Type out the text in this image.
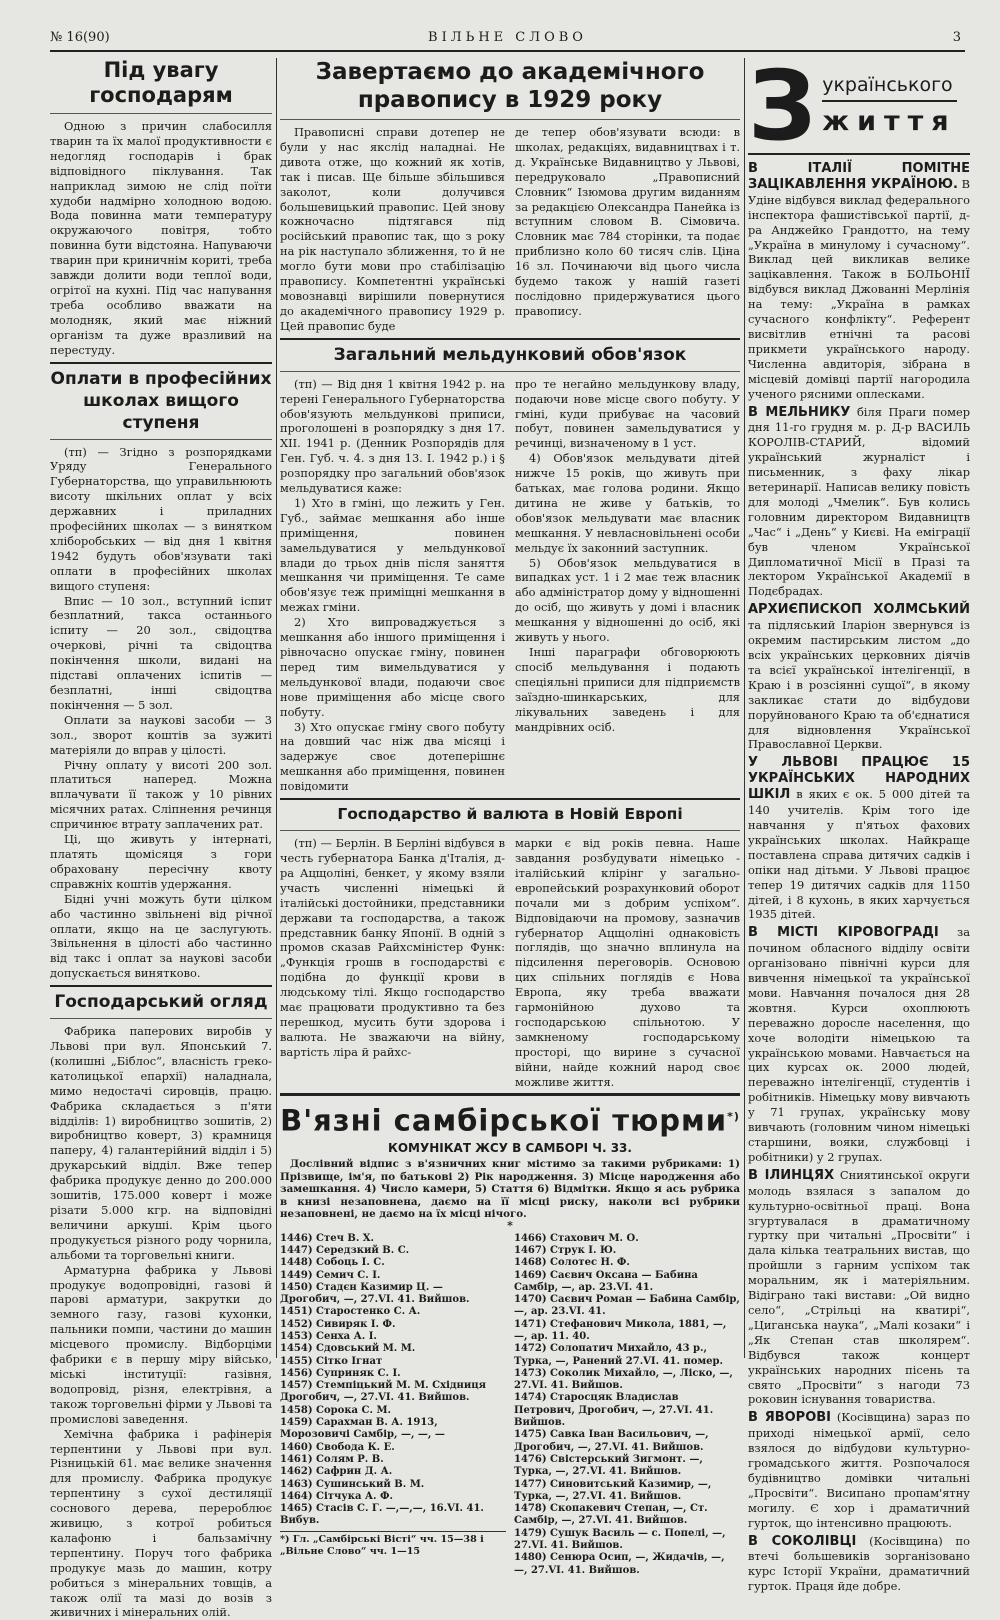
№ 16(90)	ВІЛЬНЕ СЛОВО	3
Під увагу господарям

Одною з причин слабосилля тварин та їх малої продуктивности є недогляд господарів і брак відповідного піклування. Так наприклад зимою не слід поїти худоби надмірно холодною водою. Вода повинна мати температуру окружаючого повітря, тобто повинна бути відстояна. Напуваючи тварин при криничнім кориті, треба завжди долити води теплої води, огрітої на кухні. Під час напування треба особливо вважати на молодняк, який має ніжний організм та дуже вразливий на перестуду.

Оплати в професійних школах вищого ступеня

(тп) — Згідно з розпорядками Уряду Генерального Губернаторства, що управильнюють висоту шкільних оплат у всіх державних і приладних професійних школах — з винятком хліборобських — від дня 1 квітня 1942 будуть обов'язувати такі оплати в професійних школах вищого ступеня:

Впис — 10 зол., вступний іспит безплатний, такса останнього іспиту — 20 зол., свідоцтва очеркові, річні та свідоцтва покінчення школи, видані на підставі оплачених іспитів — безплатні, інші свідоцтва покінчення — 5 зол.

Оплати за наукові засоби — 3 зол., зворот коштів за зужиті матеріяли до вправ у цілості.

Річну оплату у висоті 200 зол. платиться наперед. Можна вплачувати її також у 10 рівних місячних ратах. Сліпнення речинця спричинює втрату заплачених рат.

Ці, що живуть у інтернаті, платять щомісяця з гори обраховану пересічну квоту справжніх коштів удержання.

Бідні учні можуть бути цілком або частинно звільнені від річної оплати, якщо на це заслугують. Звільнення в цілості або частинно від такс і оплат за наукові засоби допускається винятково.

Господарський огляд

Фабрика паперових виробів у Львові при вул. Японський 7. (колишні „Біблос“, власність греко-католицької епархії) наладнала, мимо недостачі сировців, працю. Фабрика складається з п'яти відділів: 1) виробництво зошитів, 2) виробництво коверт, 3) крамниця паперу, 4) галантерійний відділ і 5) друкарський відділ. Вже тепер фабрика продукує денно до 200.000 зошитів, 175.000 коверт і може різати 5.000 кгр. на відповідні величини аркуші. Крім цього продукується різного роду чорнила, альбоми та торговельні книги.

Арматурна фабрика у Львові продукує водопровідні, газові й парові арматури, закрутки до земного газу, газові кухонки, пальники помпи, частини до машин місцевого промислу. Відборціми фабрики є в першу міру військо, міські інституції: газівня, водопровід, різня, електрівня, а також торговельні фірми у Львові та промислові заведення.

Хемічна фабрика і рафінерія терпентини у Львові при вул. Різницькій 61. має велике значення для промислу. Фабрика продукує терпентину з сухої дестиляції соснового дерева, перероблює живицю, з котрої робиться калафоню і бальзамічну терпентину. Поруч того фабрика продукує мазь до машин, котру робиться з мінеральних товщів, а також олії та мазі до возів з живичних і мінеральних олій.

Завертаємо до академічного правопису в 1929 року

Правописні справи дотепер не були у нас якслід наладнаі. Не дивота отже, що кожний як хотів, так і писав. Ще більше збільшився заколот, коли долучився большевицький правопис. Цей знову кожночасно підтягався під російський правопис так, що з року на рік наступало зближення, то й не могло бути мови про стабілізацію правопису. Компетентні українські мовознавці вирішили повернутися до академічного правопису 1929 р. Цей правопис буде

де тепер обов'язувати всюди: в школах, редакціях, видавництвах і т. д. Українське Видавництво у Львові, передруковало „Правописний Словник“ Ізюмова другим виданням за редакцією Олександра Панейка із вступним словом В. Сімовича. Словник має 784 сторінки, та подає приблизно коло 60 тисяч слів. Ціна 16 зл. Починаючи від цього числа будемо також у нашій газеті послідовно придержуватися цього правопису.

Загальний мельдунковий обов'язок

(тп) — Від дня 1 квітня 1942 р. на терені Генерального Губернаторства обов'язують мельдункові приписи, проголошені в розпорядку з дня 17. ХІІ. 1941 р. (Денник Розпорядів для Ген. Губ. ч. 4. з дня 13. І. 1942 р.) і § розпорядку про загальний обов'язок мельдуватися каже:

1) Хто в гміні, що лежить у Ген. Губ., займає мешкання або інше приміщення, повинен замельдуватися у мельдункової влади до трьох днів після заняття мешкання чи приміщення. Те саме обов'язує теж приміщні мешкання в межах гміни.

2) Хто випроваджується з мешкання або іншого приміщення і рівночасно опускає гміну, повинен перед тим вимельдуватися у мельдункової влади, подаючи своє нове приміщення або місце свого побуту.

3) Хто опускає гміну свого побуту на довший час ніж два місяці і задержує своє дотеперішнє мешкання або приміщення, повинен повідомити

про те негайно мельдункову владу, подаючи нове місце свого побуту. У гміні, куди прибуває на часовий побут, повинен замельдуватися у речинці, визначеному в 1 уст.

4) Обов'язок мельдувати дітей нижче 15 років, що живуть при батьках, має голова родини. Якщо дитина не живе у батьків, то обов'язок мельдувати має власник мешкання. У невласновільнені особи мельдує їх законний заступник.

5) Обов'язок мельдуватися в випадках уст. 1 і 2 має теж власник або адміністратор дому у відношенні до осіб, що живуть у домі і власник мешкання у відношенні до осіб, які живуть у нього.

Інші параграфи обговорюють спосіб мельдування і подають спеціяльні приписи для підприємств заїздно-шинкарських, для лікувальних заведень і для мандрівних осіб.

Господарство й валюта в Новій Европі

(тп) — Берлін. В Берліні відбувся в честь губернатора Банка д'Італія, д-ра Ацщоліні, бенкет, у якому взяли участь численні німецькі й італійські достойники, представники держави та господарства, а також представник банку Японії. В одній з промов сказав Райхсміністер Функ: „Функція грошв в господарстві є подібна до функції крови в людському тілі. Якщо господарство має працювати продуктивно та без перешкод, мусить бути здорова і валюта. Не зважаючи на війну, вартість ліра й райхс-

марки є від років певна. Наше завдання розбудувати німецько - італійський клірінг у загально-европейський розрахунковий оборот почали ми з добрим успіхом“. Відповідаючи на промову, зазначив губернатор Ацщоліні однаковість поглядів, що значно вплинула на підсилення переговорів. Основою цих спільних поглядів є Нова Европа, яку треба вважати гармонійною духово та господарською спільнотою. У замкненому господарському просторі, що вирине з сучасної війни, найде кожний народ своє можливе життя.

В'язні самбірської тюрми*)
КОМУНІКАТ ЖСУ В САМБОРІ Ч. 33.

Дослівний відпис з в'язничних книг містимо за такими рубриками: 1) Прізвище, ім'я, по батькові 2) Рік народження. 3) Місце народження або замешкання. 4) Число камери, 5) Стаття 6) Відмітки. Якщо я ась рубрика в книзі незаповнена, даємо на її місці риску, наколи всі рубрики незаповнені, не даємо на їх місці нічого.

*
1446) Стеч В. Х.
1447) Середзкий В. С.
1448) Собоць І. С.
1449) Семич С. І.
1450) Стадєн Казимир Ц. — Дрогобич, —, 27.VI. 41. Вийшов.
1451) Старостенко С. А.
1452) Сивиряк І. Ф.
1453) Сенха А. І.
1454) Сдовський М. М.
1455) Сітко Ігнат
1456) Суприняк С. І.
1457) Стемпіцький М. М. Східниця Дрогобич, —, 27.VI. 41. Вийшов.
1458) Сорока С. М.
1459) Сарахман В. А. 1913, Морозовичі Самбір, —, —, —
1460) Свобода К. Е.
1461) Солям Р. В.
1462) Сафрин Д. А.
1463) Сушинський В. М.
1464) Сітчука А. Ф.
1465) Стасів С. Г. —,—,—, 16.VI. 41. Вибув.
*) Гл. „Самбірські Вісті“ чч. 15—38 і „Вільне Слово“ чч. 1—15
1466) Стахович М. О.
1467) Струк І. Ю.
1468) Солотес Н. Ф.
1469) Саєвич Оксана — Бабина Самбір, —, ар. 23.VI. 41.
1470) Саєвич Роман — Бабина Самбір, —, ар. 23.VI. 41.
1471) Стефанович Микола, 1881, —, —, ар. 11. 40.
1472) Солопатич Михайло, 43 р., Турка, —, Ранений 27.VI. 41. помер.
1473) Соколик Михайло, —, Ліско, —, 27.VI. 41. Вийшов.
1474) Старосцяк Владислав Петрович, Дрогобич, —, 27.VI. 41. Вийшов.
1475) Савка Іван Васильович, —, Дрогобич, —, 27.VI. 41. Вийшов.
1476) Свістерський Зигмонт. —, Турка, —, 27.VI. 41. Вийшов.
1477) Синовитський Казимир, —, Турка, —, 27.VI. 41. Вийшов.
1478) Скопакевич Степан, —, Ст. Самбір, —, 27.VI. 41. Вийшов.
1479) Сушук Василь — с. Попелі, —, 27.VI. 41. Вийшов.
1480) Сенюра Осип, —, Жидачів, —, —, 27.VI. 41. Вийшов.
З українського
життя

В ІТАЛІЇ ПОМІТНЕ ЗАЦІКАВЛЕННЯ УКРАЇНОЮ. В Удіне відбувся виклад федерального інспектора фашистівської партії, д-ра Анджейко Грандотто, на тему „Україна в минулому і сучасному“. Виклад цей викликав велике зацікавлення. Також в БОЛЬОНІЇ відбувся виклад Джованні Мерлінія на тему: „Україна в рамках сучасного конфлікту“. Референт висвітлив етнічні та расові прикмети українського народу. Численна авдиторія, зібрана в місцевій домівці партії нагородила ученого рясними оплесками.

В МЕЛЬНИКУ біля Праги помер дня 11-го грудня м. р. Д-р ВАСИЛЬ КОРОЛІВ-СТАРИЙ, відомий український журналіст і письменник, з фаху лікар ветеринарії. Написав велику повість для молоді „Чмелик“. Був колись головним директором Видавництв „Час“ і „День“ у Києві. На еміграції був членом Української Дипломатичної Місії в Празі та лектором Української Академії в Подєбрадах.

АРХИЄПИСКОП ХОЛМСЬКИЙ та підляський Іларіон звернувся із окремим пастирським листом „до всіх українських церковних діячів та всієї української інтелігенції, в Краю і в розсіянні сущої“, в якому закликає стати до відбудови поруйнованого Краю та об'єднатися для відновлення Української Православної Церкви.

У ЛЬВОВІ ПРАЦЮЄ 15 УКРАЇНСЬКИХ НАРОДНИХ ШКІЛ в яких є ок. 5 000 дітей та 140 учителів. Крім того іде навчання у п'ятьох фахових українських школах. Найкраще поставлена справа дитячих садків і опіки над дітьми. У Львові працює тепер 19 дитячих садків для 1150 дітей, і 8 кухонь, в яких харчується 1935 дітей.

В МІСТІ КІРОВОГРАДІ за почином обласного відділу освіти організовано північні курси для вивчення німецької та української мови. Навчання почалося дня 28 жовтня. Курси охоплюють переважно доросле населення, що хоче володіти німецькою та українською мовами. Навчається на цих курсах ок. 2000 людей, переважно інтелігенції, студентів і робітників. Німецьку мову вивчають у 71 групах, українську мову вивчають (головним чином німецькі старшини, вояки, службовці і робітники) у 2 групах.

В ІЛИНЦЯХ Сниятинської округи молодь взялася з запалом до культурно-освітньої праці. Вона згуртувалася в драматичному гуртку при читальні „Просвіти“ і дала кілька театральних вистав, що пройшли з гарним успіхом так моральним, як і матеріяльним. Відіграно такі вистави: „Ой видно село“, „Стрільці на кватирі“, „Циганська наука“, „Малі козаки“ і „Як Степан став школярем“. Відбувся також концерт українських народних пісень та свято „Просвіти“ з нагоди 73 роковин існування товариства.

В ЯВОРОВІ (Косівщина) зараз по приході німецької армії, село взялося до відбудови культурно-громадського життя. Розпочалося будівництво домівки читальні „Просвіти“. Висипано пропам'ятну могилу. Є хор і драматичний гурток, що інтенсивно працюють.

В СОКОЛІВЦІ (Косівщина) по втечі большевиків зорганізовано курс Історії України, драматичний гурток. Праця йде добре.
